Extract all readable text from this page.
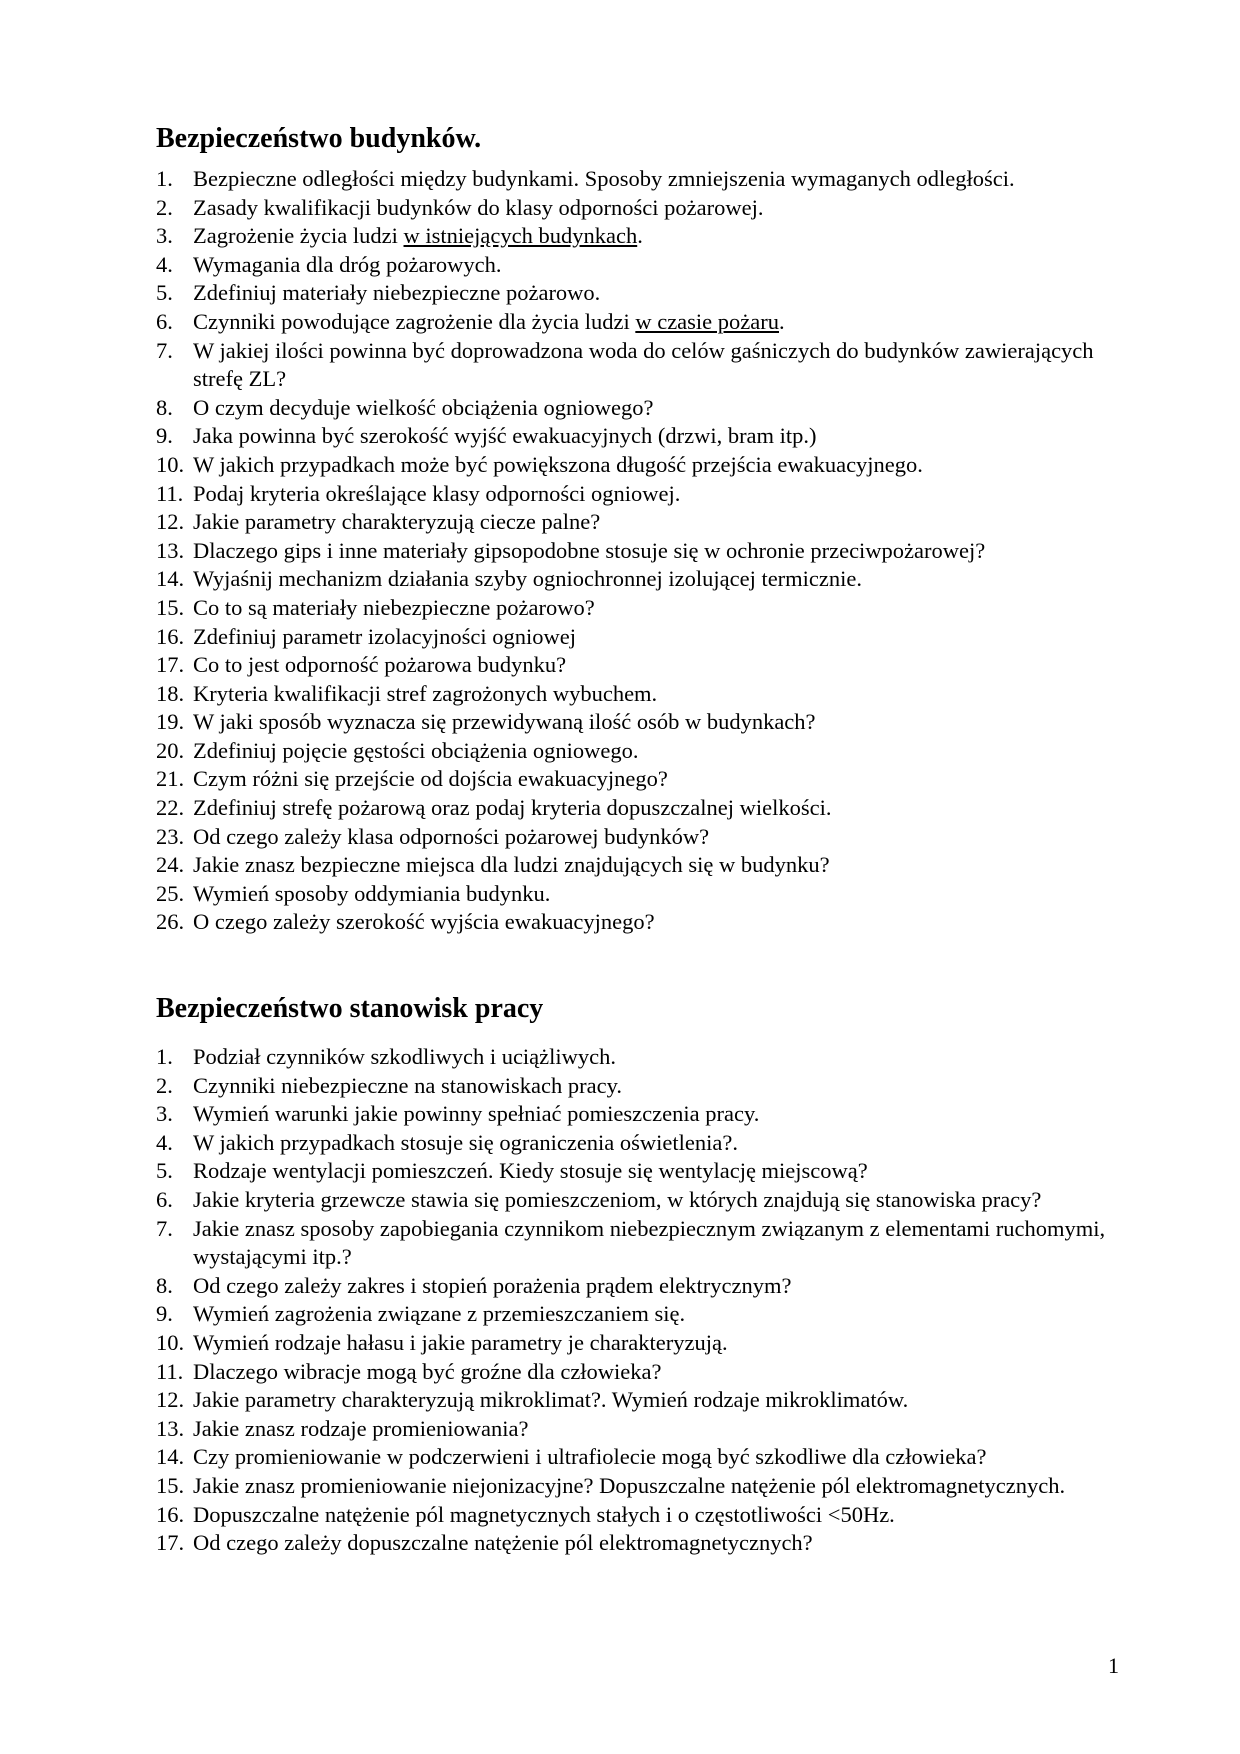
Bezpieczeństwo budynków.
1. Bezpieczne odległości między budynkami. Sposoby zmniejszenia wymaganych odległości.
2. Zasady kwalifikacji budynków do klasy odporności pożarowej.
3. Zagrożenie życia ludzi w istniejących budynkach.
4. Wymagania dla dróg pożarowych.
5. Zdefiniuj materiały niebezpieczne pożarowo.
6. Czynniki powodujące zagrożenie dla życia ludzi w czasie pożaru.
7. W jakiej ilości powinna być doprowadzona woda do celów gaśniczych do budynków zawierających strefę ZL?
8. O czym decyduje wielkość obciążenia ogniowego?
9. Jaka powinna być szerokość wyjść ewakuacyjnych (drzwi, bram itp.)
10. W jakich przypadkach może być powiększona długość przejścia ewakuacyjnego.
11. Podaj kryteria określające klasy odporności ogniowej.
12. Jakie parametry charakteryzują ciecze palne?
13. Dlaczego gips i inne materiały gipsopodobne stosuje się w ochronie przeciwpożarowej?
14. Wyjaśnij mechanizm działania szyby ogniochronnej izolującej termicznie.
15. Co to są materiały niebezpieczne pożarowo?
16. Zdefiniuj parametr izolacyjności ogniowej
17. Co to jest odporność pożarowa budynku?
18. Kryteria kwalifikacji stref zagrożonych wybuchem.
19. W jaki sposób wyznacza się przewidywaną ilość osób w budynkach?
20. Zdefiniuj pojęcie gęstości obciążenia ogniowego.
21. Czym różni się przejście od dojścia ewakuacyjnego?
22. Zdefiniuj strefę pożarową oraz podaj kryteria dopuszczalnej wielkości.
23. Od czego zależy klasa odporności pożarowej budynków?
24. Jakie znasz bezpieczne miejsca dla ludzi znajdujących się w budynku?
25. Wymień sposoby oddymiania budynku.
26. O czego zależy szerokość wyjścia ewakuacyjnego?
Bezpieczeństwo stanowisk pracy
1. Podział czynników szkodliwych i uciążliwych.
2. Czynniki niebezpieczne na stanowiskach pracy.
3. Wymień warunki jakie powinny spełniać pomieszczenia pracy.
4. W jakich przypadkach stosuje się ograniczenia oświetlenia?.
5. Rodzaje wentylacji pomieszczeń. Kiedy stosuje się wentylację miejscową?
6. Jakie kryteria grzewcze stawia się pomieszczeniom, w których znajdują się stanowiska pracy?
7. Jakie znasz sposoby zapobiegania czynnikom niebezpiecznym związanym z elementami ruchomymi, wystającymi itp.?
8. Od czego zależy zakres i stopień porażenia prądem elektrycznym?
9. Wymień zagrożenia związane z przemieszczaniem się.
10. Wymień rodzaje hałasu i jakie parametry je charakteryzują.
11. Dlaczego wibracje mogą być groźne dla człowieka?
12. Jakie parametry charakteryzują mikroklimat?. Wymień rodzaje mikroklimatów.
13. Jakie znasz rodzaje promieniowania?
14. Czy promieniowanie w podczerwieni i ultrafiolecie mogą być szkodliwe dla człowieka?
15. Jakie znasz promieniowanie niejonizacyjne? Dopuszczalne natężenie pól elektromagnetycznych.
16. Dopuszczalne natężenie pól magnetycznych stałych i o częstotliwości <50Hz.
17. Od czego zależy dopuszczalne natężenie pól elektromagnetycznych?
1
